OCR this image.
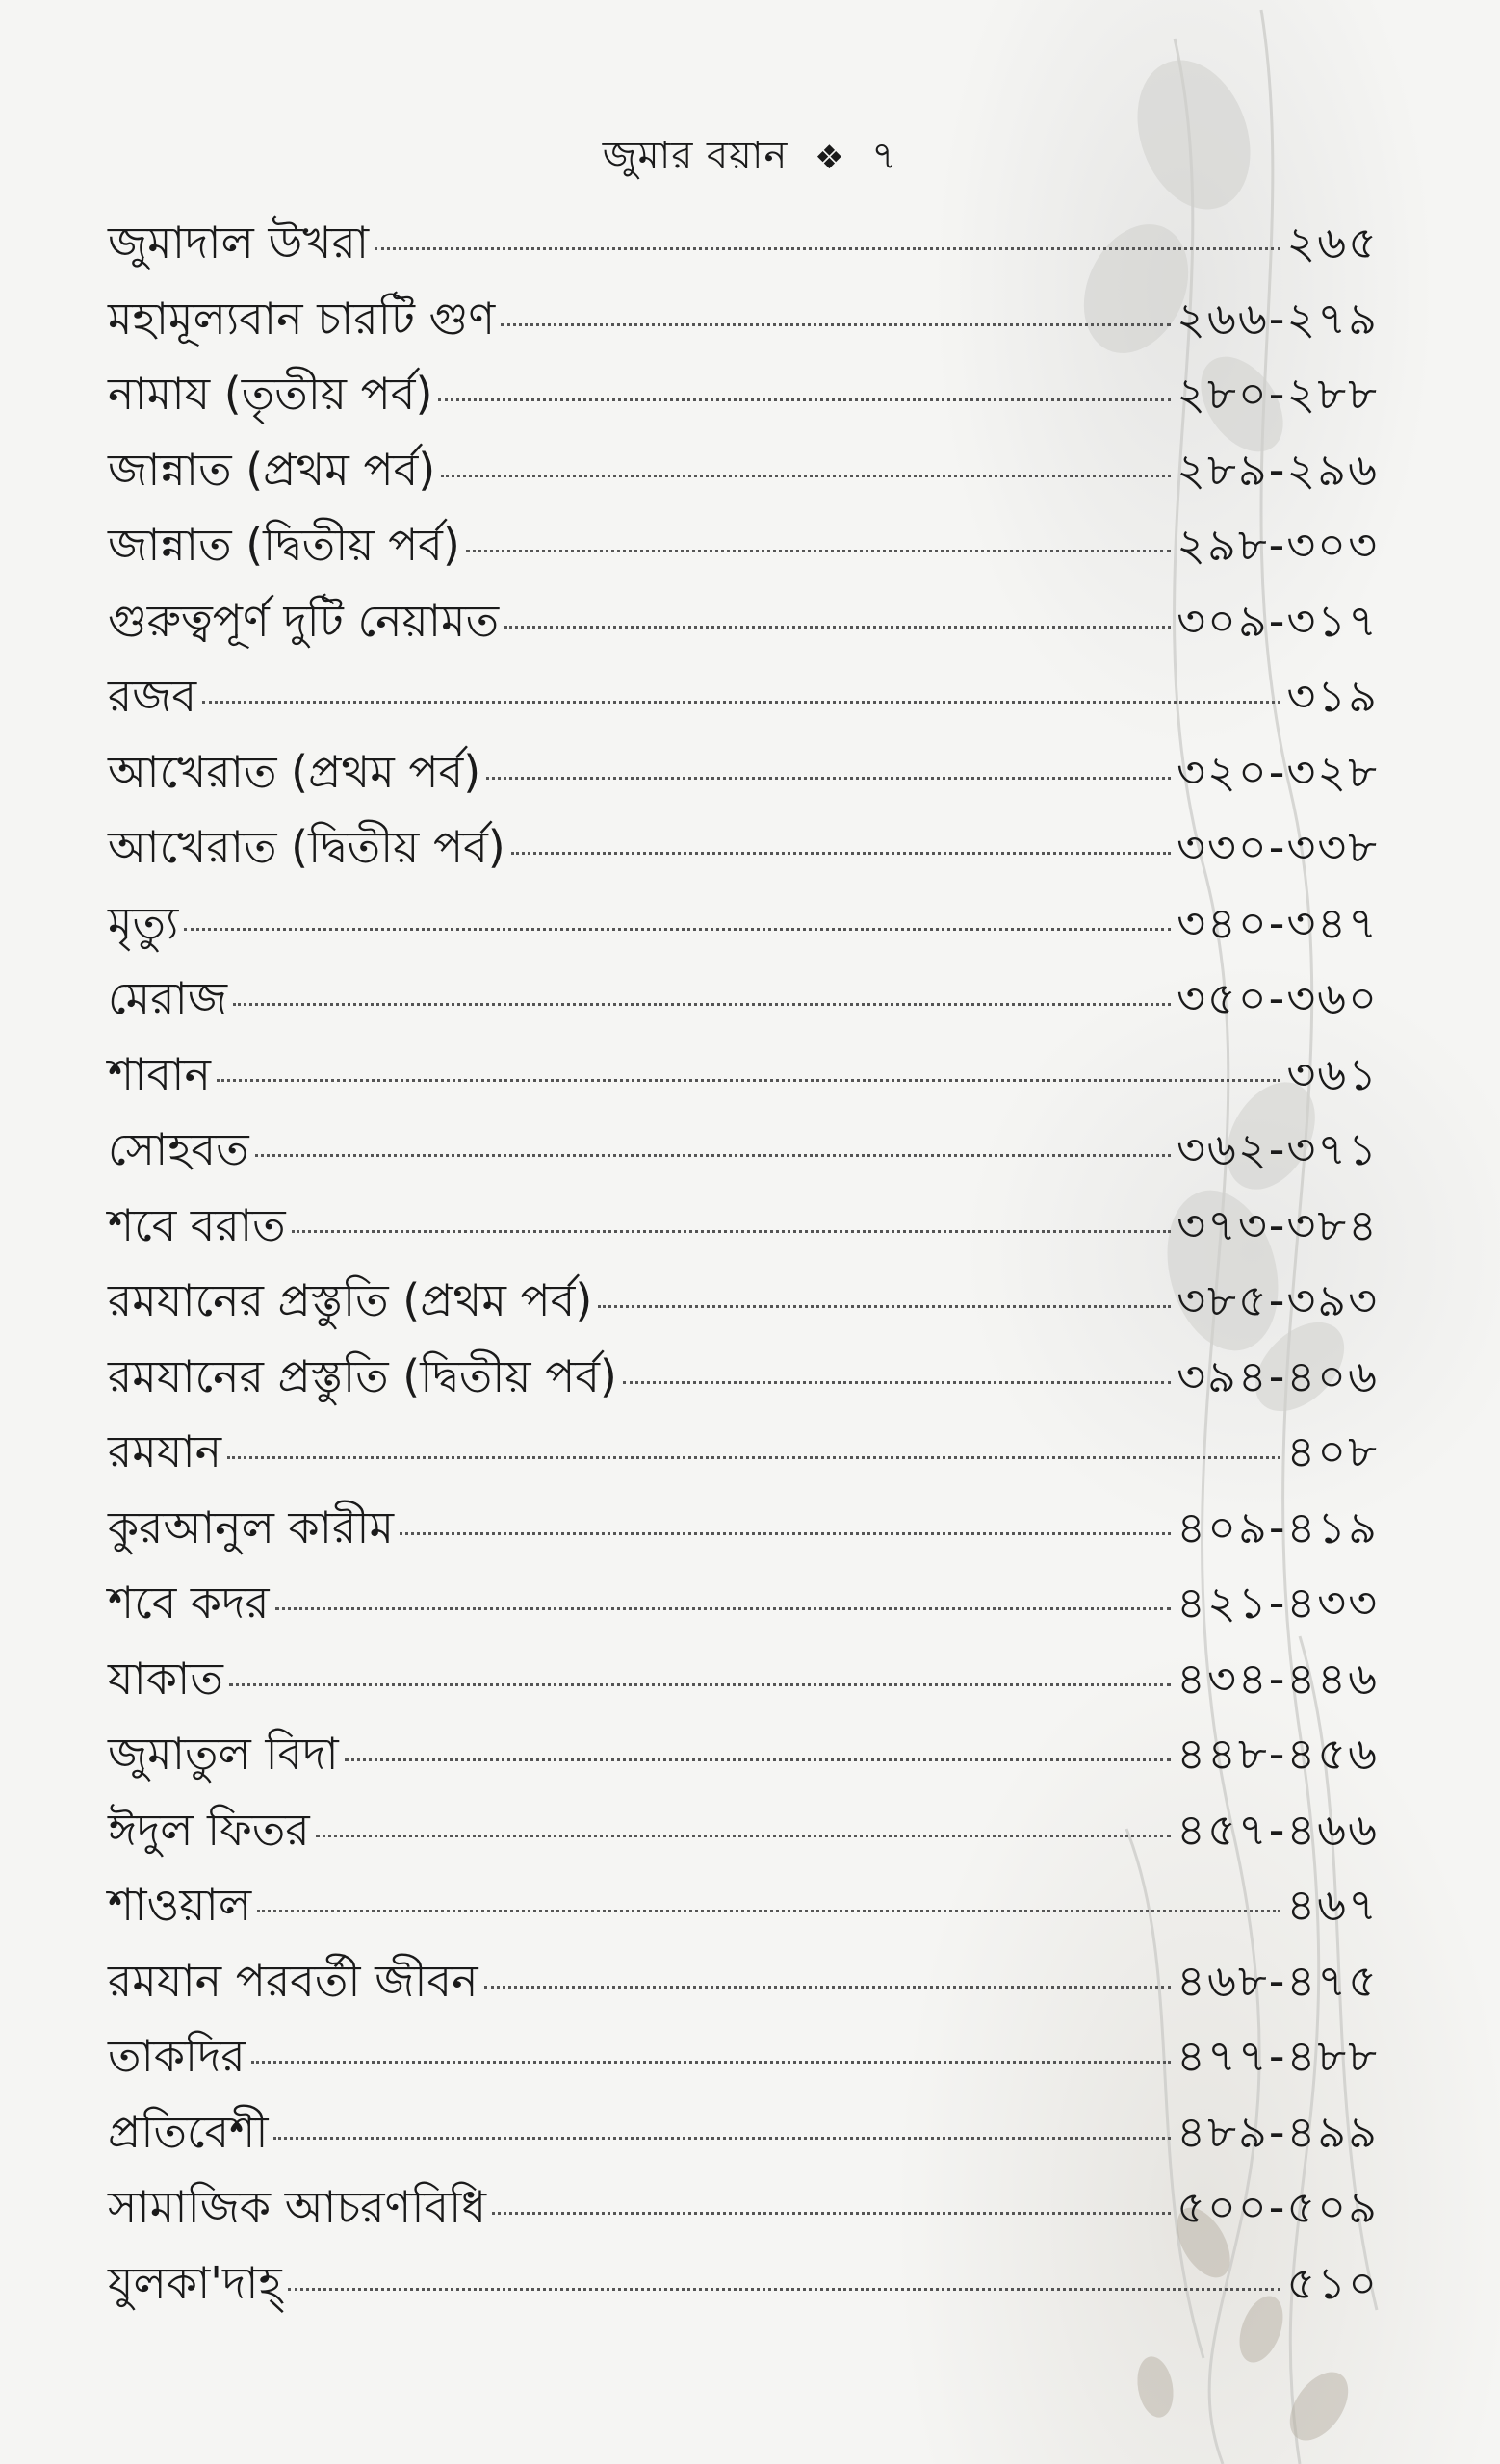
জুমার বয়ান ❖ ৭
জুমাদাল উখরা	২৬৫
মহামূল্যবান চারটি গুণ	২৬৬-২৭৯
নামায (তৃতীয় পর্ব)	২৮০-২৮৮
জান্নাত (প্রথম পর্ব)	২৮৯-২৯৬
জান্নাত (দ্বিতীয় পর্ব)	২৯৮-৩০৩
গুরুত্বপূর্ণ দুটি নেয়ামত	৩০৯-৩১৭
রজব	৩১৯
আখেরাত (প্রথম পর্ব)	৩২০-৩২৮
আখেরাত (দ্বিতীয় পর্ব)	৩৩০-৩৩৮
মৃত্যু	৩৪০-৩৪৭
মেরাজ	৩৫০-৩৬০
শাবান	৩৬১
সোহবত	৩৬২-৩৭১
শবে বরাত	৩৭৩-৩৮৪
রমযানের প্রস্তুতি (প্রথম পর্ব)	৩৮৫-৩৯৩
রমযানের প্রস্তুতি (দ্বিতীয় পর্ব)	৩৯৪-৪০৬
রমযান	৪০৮
কুরআনুল কারীম	৪০৯-৪১৯
শবে কদর	৪২১-৪৩৩
যাকাত	৪৩৪-৪৪৬
জুমাতুল বিদা	৪৪৮-৪৫৬
ঈদুল ফিতর	৪৫৭-৪৬৬
শাওয়াল	৪৬৭
রমযান পরবর্তী জীবন	৪৬৮-৪৭৫
তাকদির	৪৭৭-৪৮৮
প্রতিবেশী	৪৮৯-৪৯৯
সামাজিক আচরণবিধি	৫০০-৫০৯
যুলকা'দাহ্‌	৫১০
